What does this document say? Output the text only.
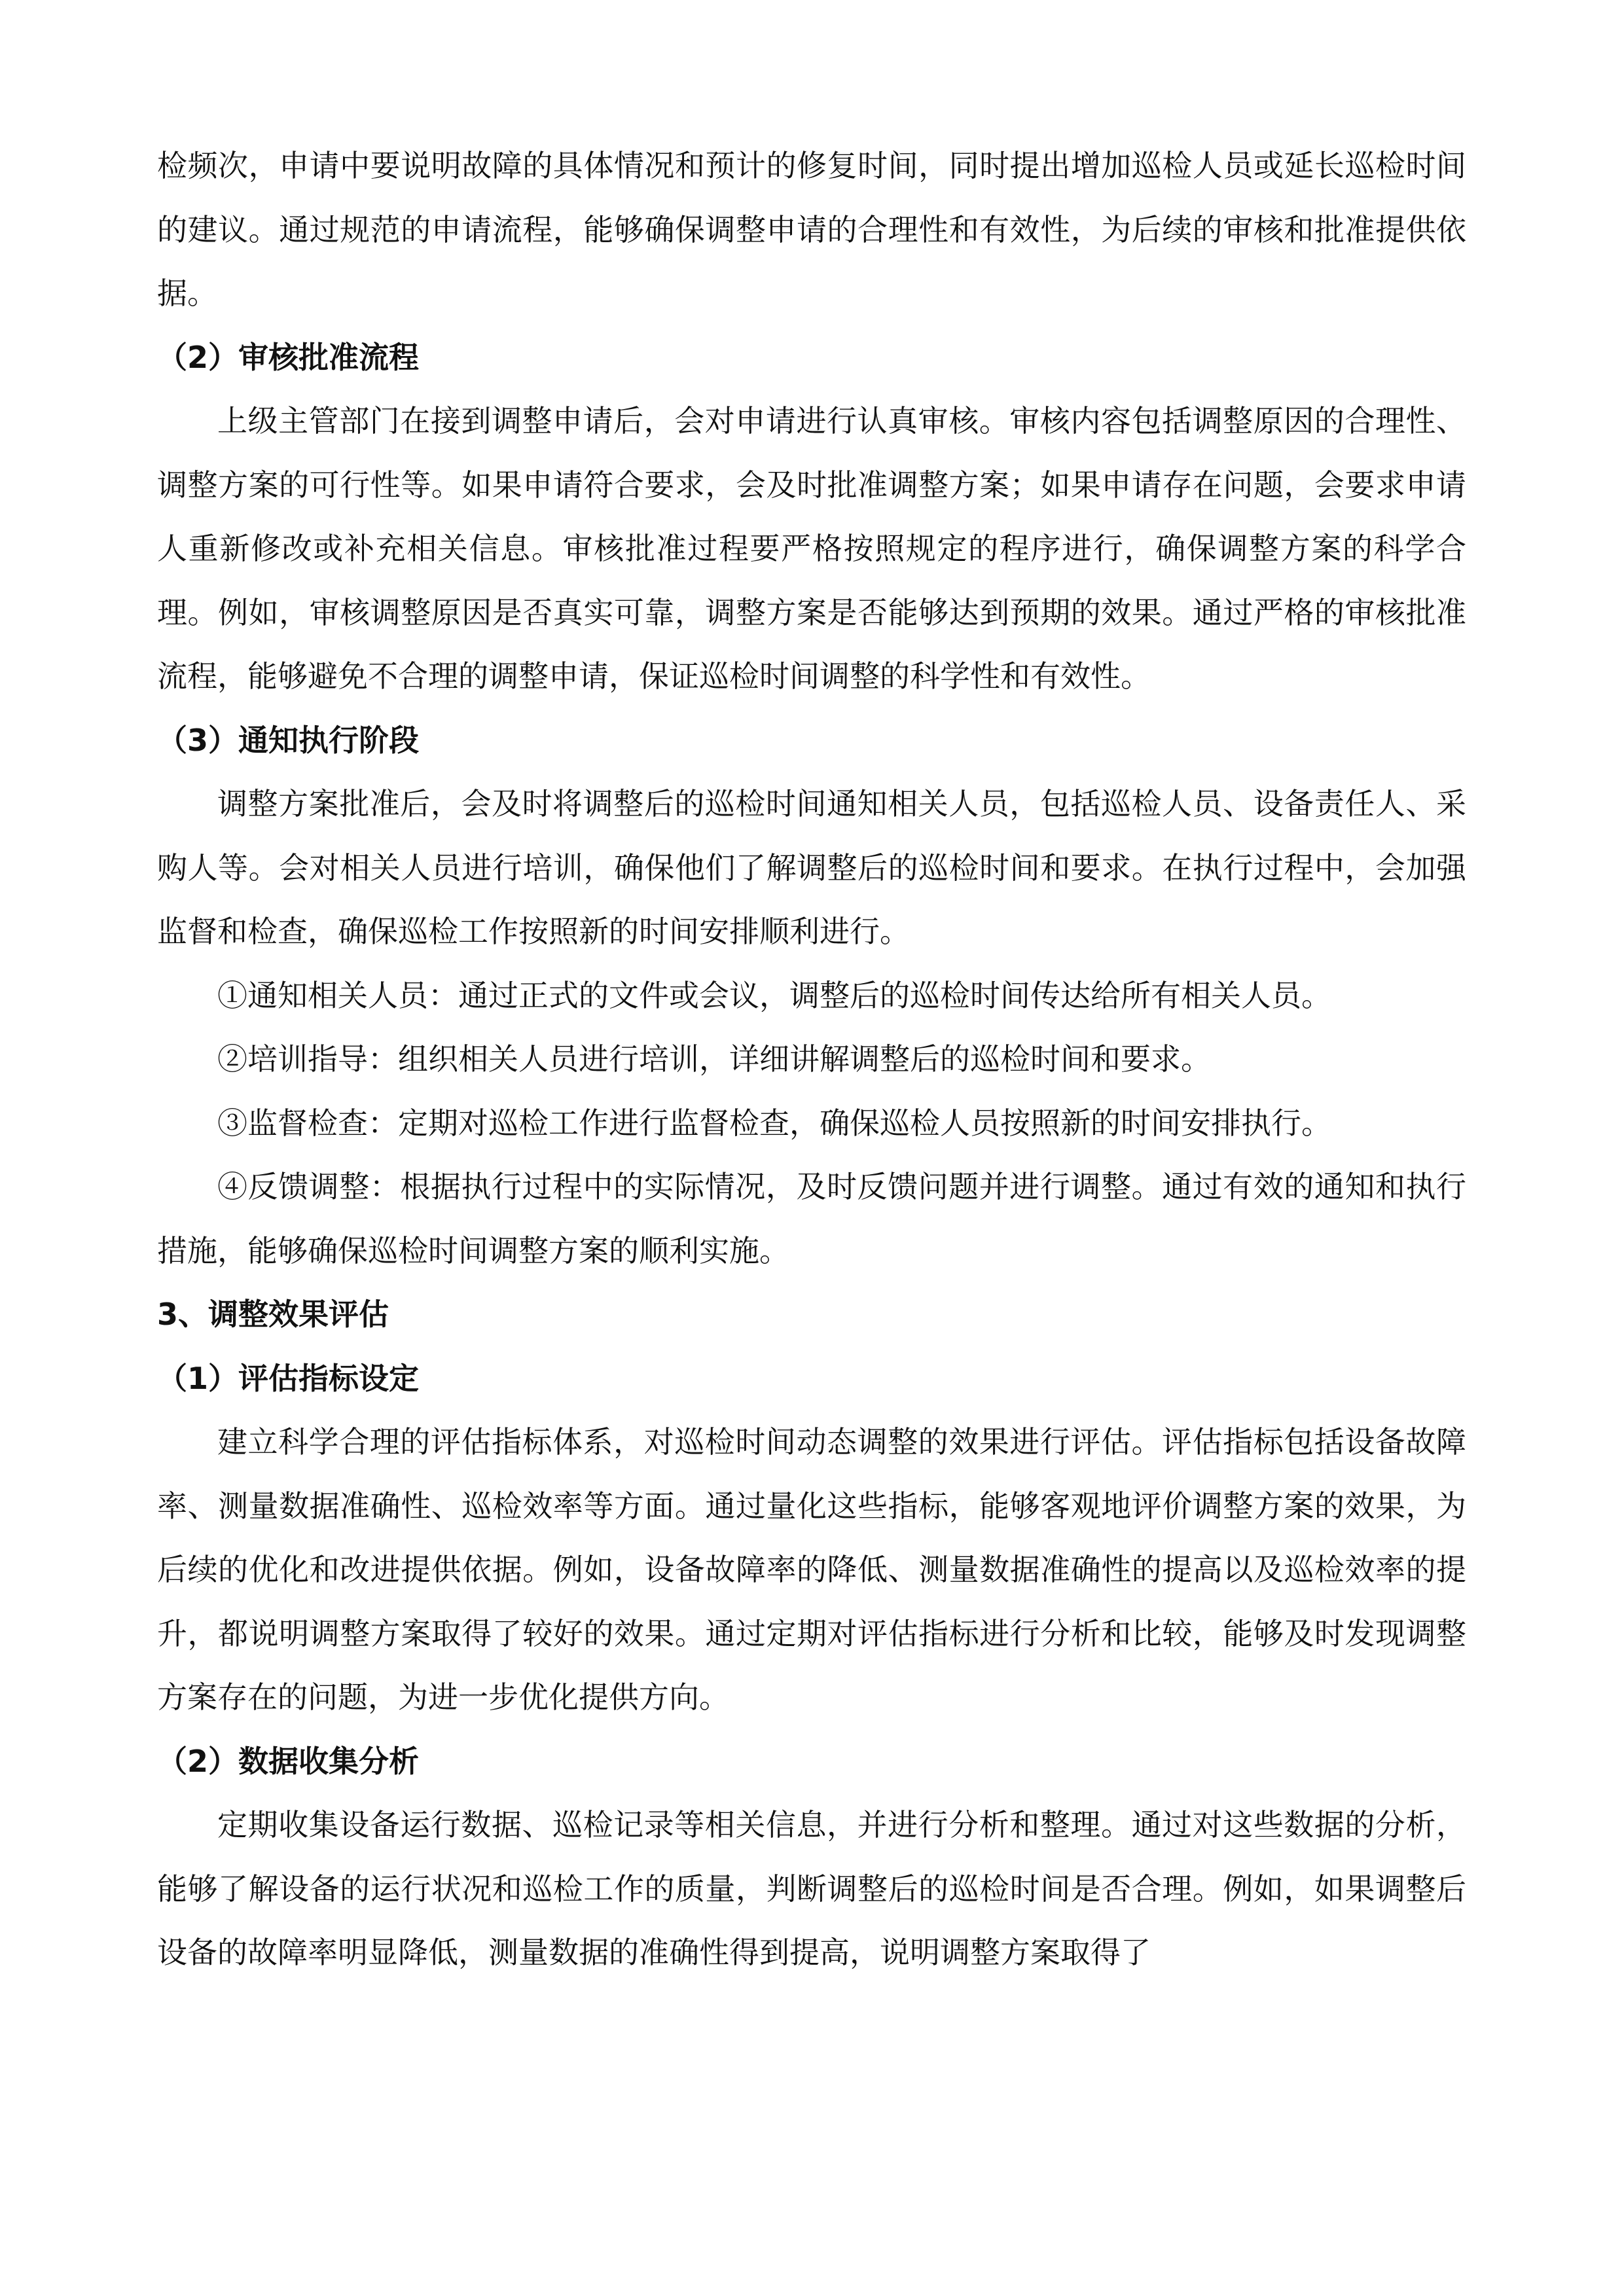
检频次，申请中要说明故障的具体情况和预计的修复时间，同时提出增加巡检人员或延长巡检时间的建议。通过规范的申请流程，能够确保调整申请的合理性和有效性，为后续的审核和批准提供依据。

（2）审核批准流程

上级主管部门在接到调整申请后，会对申请进行认真审核。审核内容包括调整原因的合理性、调整方案的可行性等。如果申请符合要求，会及时批准调整方案；如果申请存在问题，会要求申请人重新修改或补充相关信息。审核批准过程要严格按照规定的程序进行，确保调整方案的科学合理。例如，审核调整原因是否真实可靠，调整方案是否能够达到预期的效果。通过严格的审核批准流程，能够避免不合理的调整申请，保证巡检时间调整的科学性和有效性。

（3）通知执行阶段

调整方案批准后，会及时将调整后的巡检时间通知相关人员，包括巡检人员、设备责任人、采购人等。会对相关人员进行培训，确保他们了解调整后的巡检时间和要求。在执行过程中，会加强监督和检查，确保巡检工作按照新的时间安排顺利进行。

①通知相关人员：通过正式的文件或会议，调整后的巡检时间传达给所有相关人员。

②培训指导：组织相关人员进行培训，详细讲解调整后的巡检时间和要求。

③监督检查：定期对巡检工作进行监督检查，确保巡检人员按照新的时间安排执行。

④反馈调整：根据执行过程中的实际情况，及时反馈问题并进行调整。通过有效的通知和执行措施，能够确保巡检时间调整方案的顺利实施。

3、调整效果评估

（1）评估指标设定

建立科学合理的评估指标体系，对巡检时间动态调整的效果进行评估。评估指标包括设备故障率、测量数据准确性、巡检效率等方面。通过量化这些指标，能够客观地评价调整方案的效果，为后续的优化和改进提供依据。例如，设备故障率的降低、测量数据准确性的提高以及巡检效率的提升，都说明调整方案取得了较好的效果。通过定期对评估指标进行分析和比较，能够及时发现调整方案存在的问题，为进一步优化提供方向。

（2）数据收集分析

定期收集设备运行数据、巡检记录等相关信息，并进行分析和整理。通过对这些数据的分析，能够了解设备的运行状况和巡检工作的质量，判断调整后的巡检时间是否合理。例如，如果调整后设备的故障率明显降低，测量数据的准确性得到提高，说明调整方案取得了
